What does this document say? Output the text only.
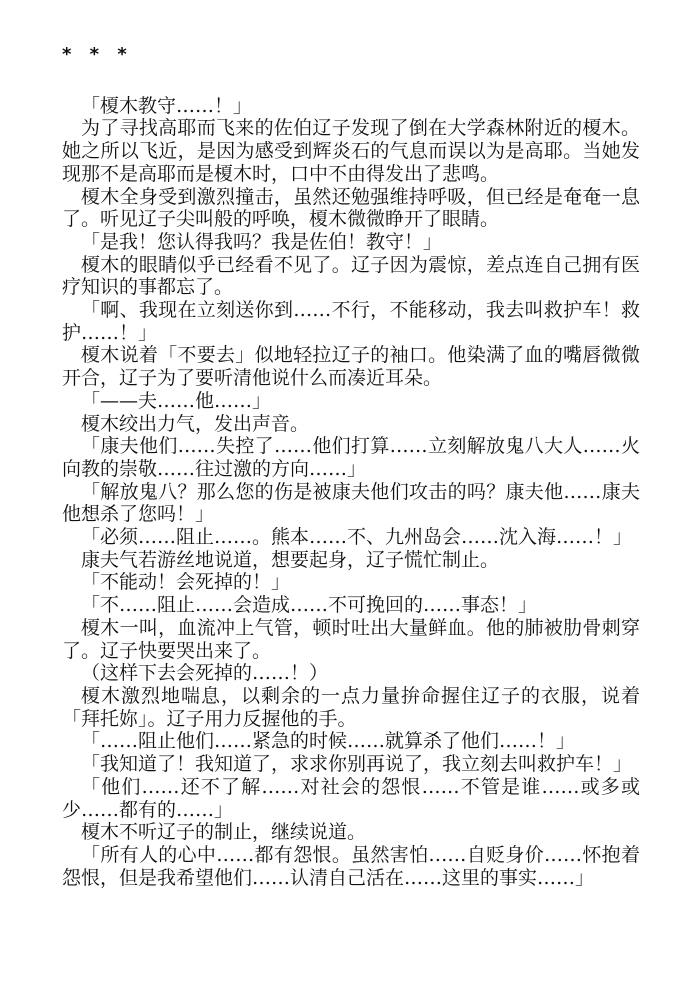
* * *

「榎木教守……！」

为了寻找高耶而飞来的佐伯辽子发现了倒在大学森林附近的榎木。她之所以飞近，是因为感受到辉炎石的气息而误以为是高耶。当她发现那不是高耶而是榎木时，口中不由得发出了悲鸣。

榎木全身受到激烈撞击，虽然还勉强维持呼吸，但已经是奄奄一息了。听见辽子尖叫般的呼唤，榎木微微睁开了眼睛。

「是我！您认得我吗？我是佐伯！教守！」

榎木的眼睛似乎已经看不见了。辽子因为震惊，差点连自己拥有医疗知识的事都忘了。

「啊、我现在立刻送你到……不行，不能移动，我去叫救护车！救护……！」

榎木说着「不要去」似地轻拉辽子的袖口。他染满了血的嘴唇微微开合，辽子为了要听清他说什么而凑近耳朵。

「——夫……他……」

榎木绞出力气，发出声音。

「康夫他们……失控了……他们打算……立刻解放鬼八大人……火向教的崇敬……往过激的方向……」

「解放鬼八？那么您的伤是被康夫他们攻击的吗？康夫他……康夫他想杀了您吗！」

「必须……阻止……。熊本……不、九州岛会……沈入海……！」

康夫气若游丝地说道，想要起身，辽子慌忙制止。

「不能动！会死掉的！」

「不……阻止……会造成……不可挽回的……事态！」

榎木一叫，血流冲上气管，顿时吐出大量鲜血。他的肺被肋骨刺穿了。辽子快要哭出来了。

（这样下去会死掉的……！）

榎木激烈地喘息，以剩余的一点力量拚命握住辽子的衣服，说着「拜托妳」。辽子用力反握他的手。

「……阻止他们……紧急的时候……就算杀了他们……！」

「我知道了！我知道了，求求你别再说了，我立刻去叫救护车！」

「他们……还不了解……对社会的怨恨……不管是谁……或多或少……都有的……」

榎木不听辽子的制止，继续说道。

「所有人的心中……都有怨恨。虽然害怕……自贬身价……怀抱着怨恨，但是我希望他们……认清自己活在……这里的事实……」
